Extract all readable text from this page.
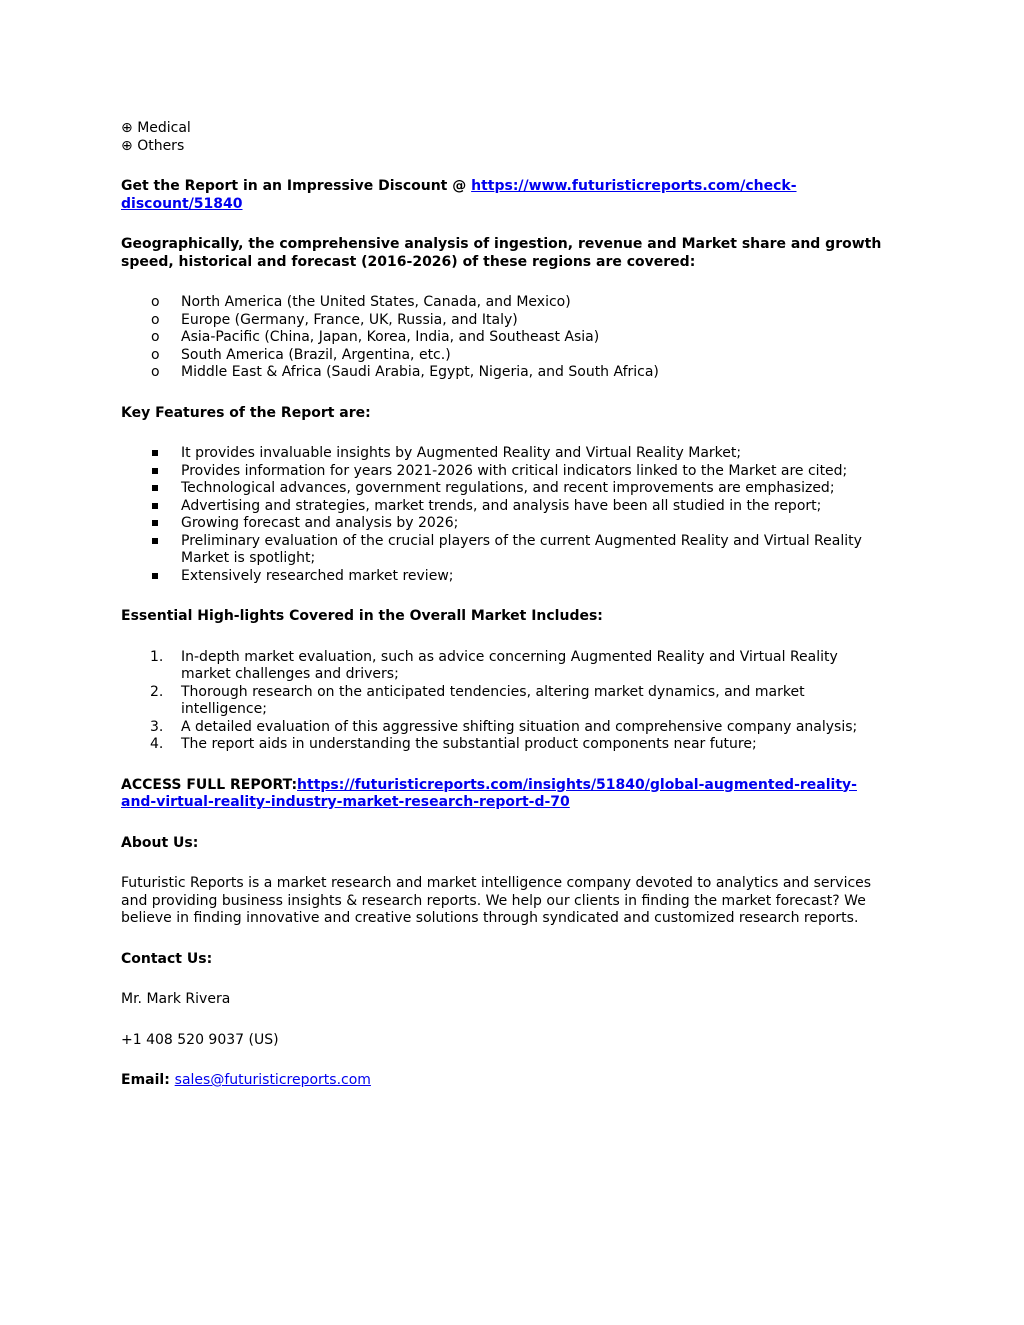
⊕ Medical
⊕ Others
Get the Report in an Impressive Discount @ https://www.futuristicreports.com/check-
discount/51840
Geographically, the comprehensive analysis of ingestion, revenue and Market share and growth
speed, historical and forecast (2016-2026) of these regions are covered:
o	North America (the United States, Canada, and Mexico)
o	Europe (Germany, France, UK, Russia, and Italy)
o	Asia-Pacific (China, Japan, Korea, India, and Southeast Asia)
o	South America (Brazil, Argentina, etc.)
o	Middle East & Africa (Saudi Arabia, Egypt, Nigeria, and South Africa)
Key Features of the Report are:
It provides invaluable insights by Augmented Reality and Virtual Reality Market;
Provides information for years 2021-2026 with critical indicators linked to the Market are cited;
Technological advances, government regulations, and recent improvements are emphasized;
Advertising and strategies, market trends, and analysis have been all studied in the report;
Growing forecast and analysis by 2026;
Preliminary evaluation of the crucial players of the current Augmented Reality and Virtual Reality
Market is spotlight;
Extensively researched market review;
Essential High-lights Covered in the Overall Market Includes:
1.	In-depth market evaluation, such as advice concerning Augmented Reality and Virtual Reality
market challenges and drivers;
2.	Thorough research on the anticipated tendencies, altering market dynamics, and market
intelligence;
3.	A detailed evaluation of this aggressive shifting situation and comprehensive company analysis;
4.	The report aids in understanding the substantial product components near future;
ACCESS FULL REPORT:https://futuristicreports.com/insights/51840/global-augmented-reality-
and-virtual-reality-industry-market-research-report-d-70
About Us:
Futuristic Reports is a market research and market intelligence company devoted to analytics and services
and providing business insights & research reports. We help our clients in finding the market forecast? We
believe in finding innovative and creative solutions through syndicated and customized research reports.
Contact Us:
Mr. Mark Rivera
+1 408 520 9037 (US)
Email: sales@futuristicreports.com
